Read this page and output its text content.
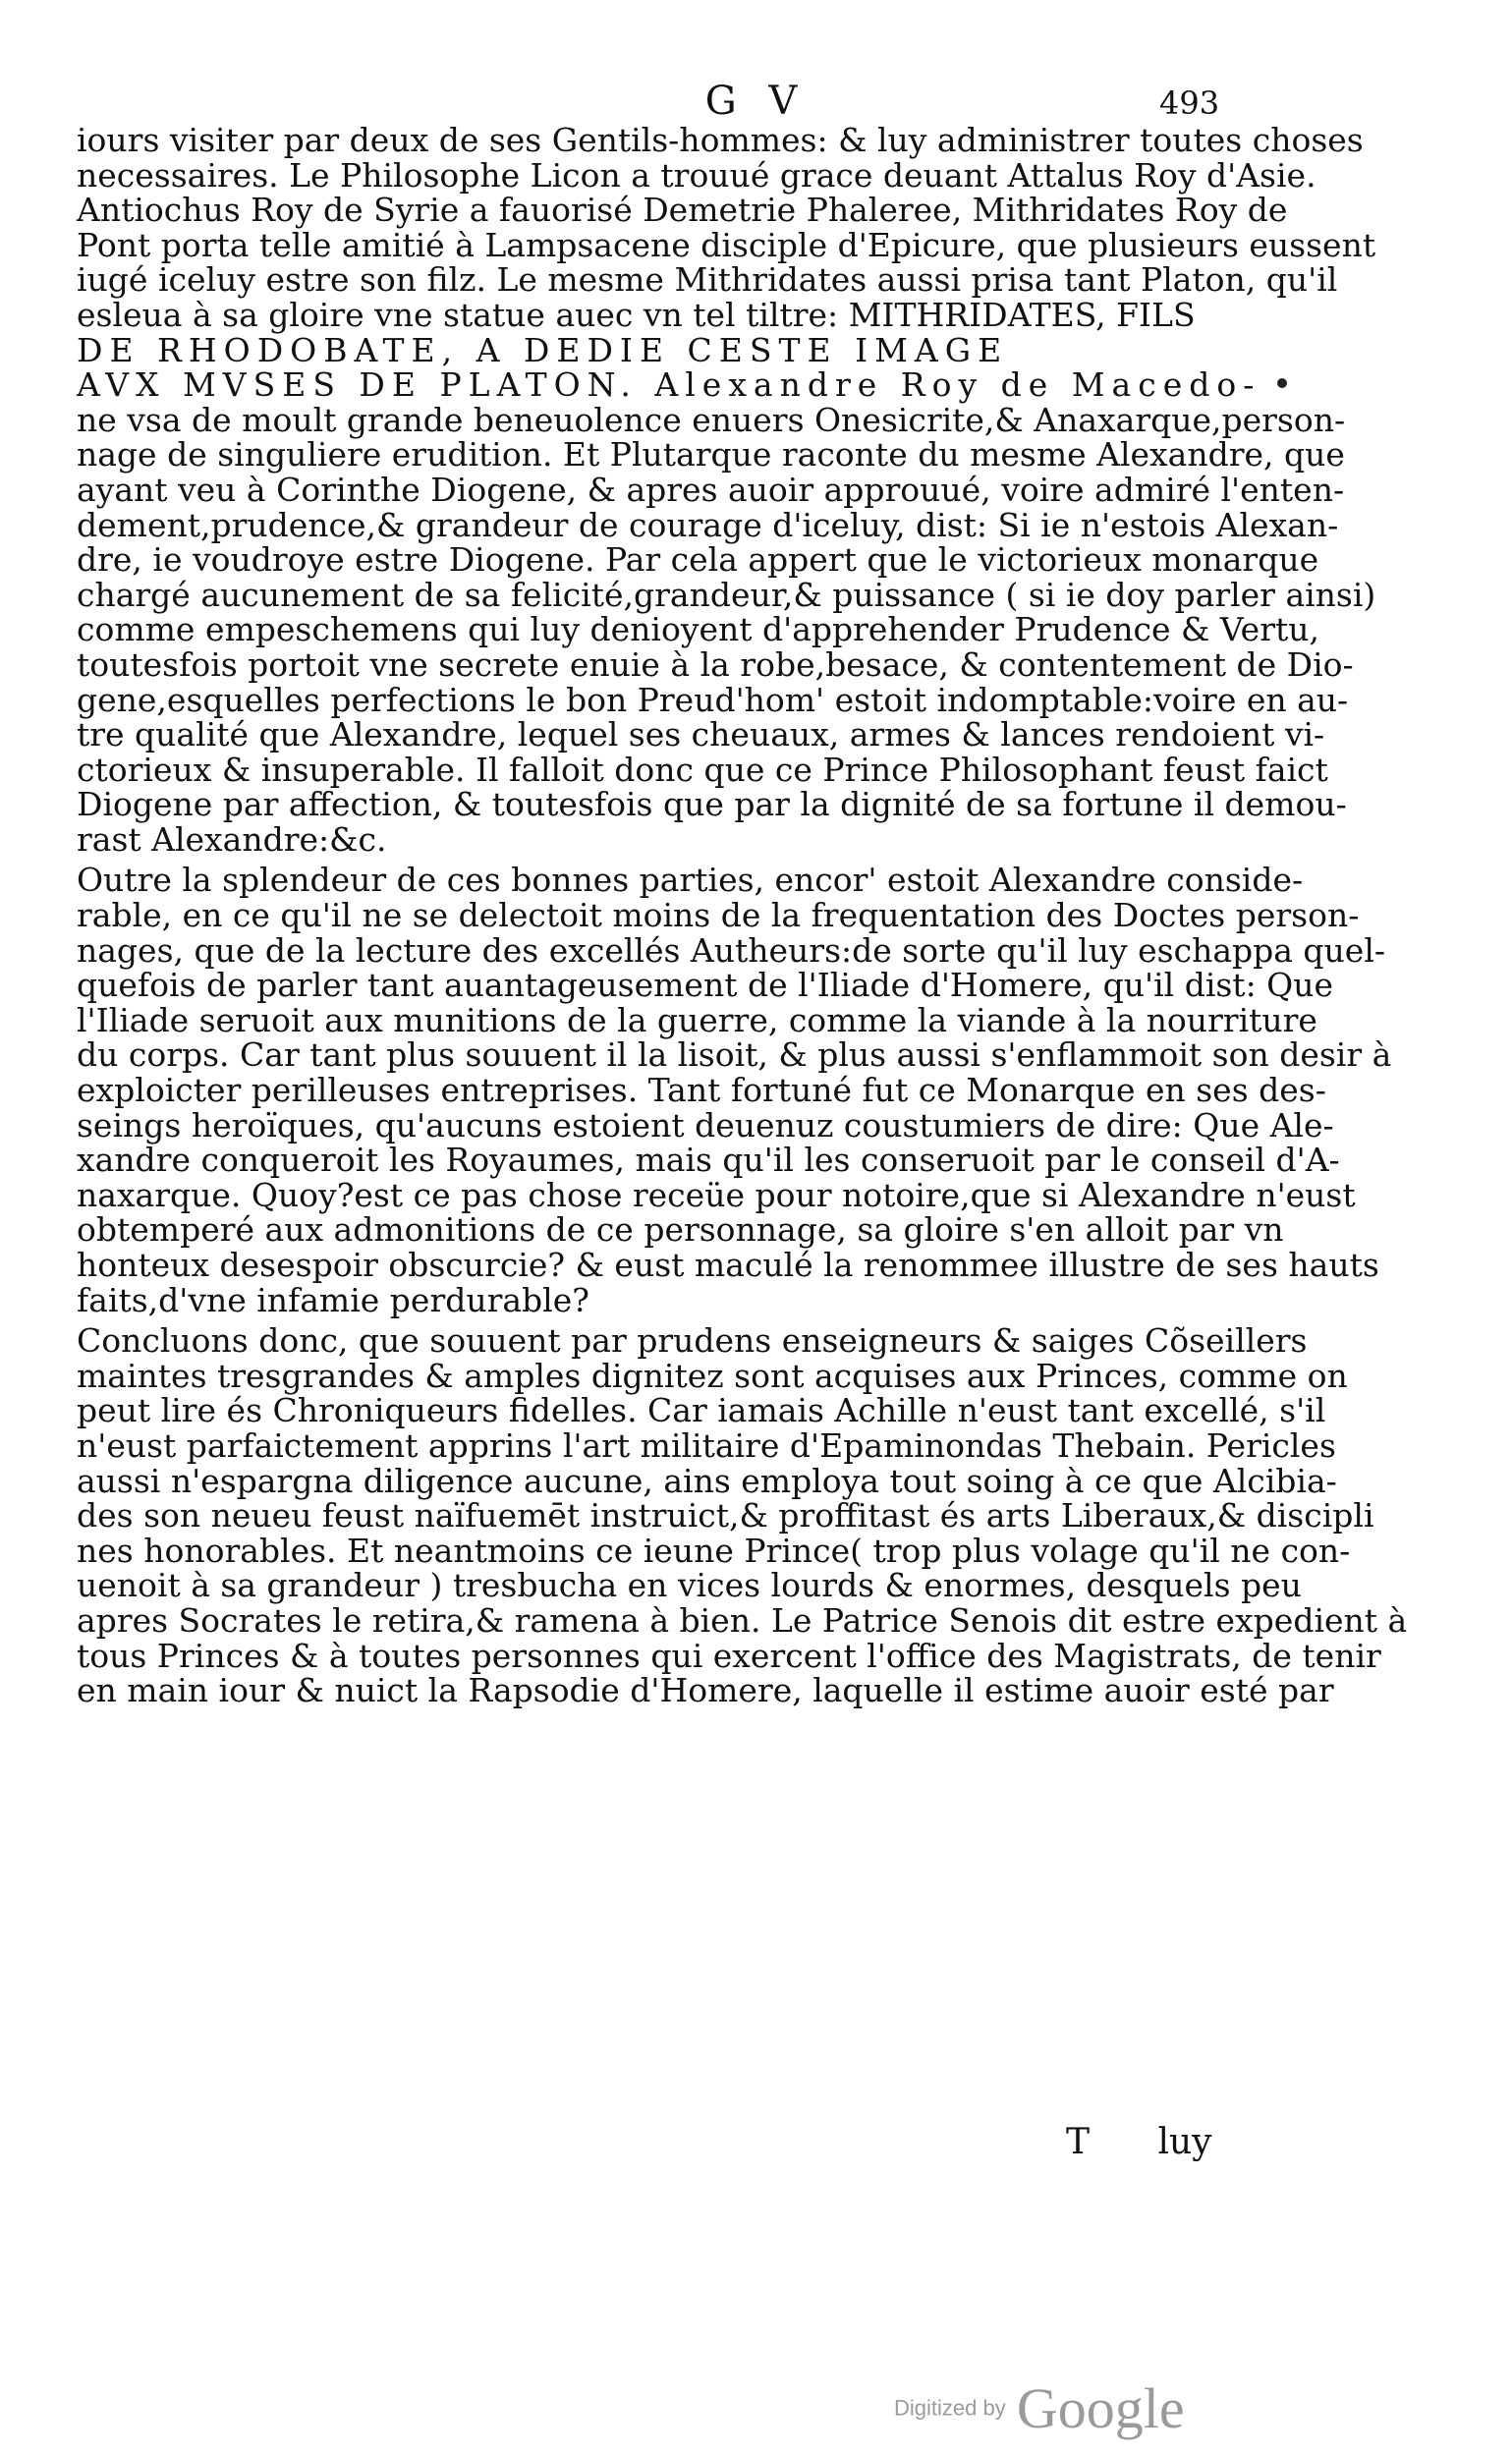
G V	493
iours visiter par deux de ses Gentils-hommes: & luy administrer toutes choses
necessaires. Le Philosophe Licon a trouué grace deuant Attalus Roy d'Asie.
Antiochus Roy de Syrie a fauorisé Demetrie Phaleree, Mithridates Roy de
Pont porta telle amitié à Lampsacene disciple d'Epicure, que plusieurs eussent
iugé iceluy estre son filz. Le mesme Mithridates aussi prisa tant Platon, qu'il
esleua à sa gloire vne statue auec vn tel tiltre: MITHRIDATES, FILS
DE RHODOBATE, A DEDIE CESTE IMAGE
AVX MVSES DE PLATON. Alexandre Roy de Macedo-
ne vsa de moult grande beneuolence enuers Onesicrite,& Anaxarque,person-
nage de singuliere erudition. Et Plutarque raconte du mesme Alexandre, que
ayant veu à Corinthe Diogene, & apres auoir approuué, voire admiré l'enten-
dement,prudence,& grandeur de courage d'iceluy, dist: Si ie n'estois Alexan-
dre, ie voudroye estre Diogene. Par cela appert que le victorieux monarque
chargé aucunement de sa felicité,grandeur,& puissance ( si ie doy parler ainsi)
comme empeschemens qui luy denioyent d'apprehender Prudence & Vertu,
toutesfois portoit vne secrete enuie à la robe,besace, & contentement de Dio-
gene,esquelles perfections le bon Preud'hom' estoit indomptable:voire en au-
tre qualité que Alexandre, lequel ses cheuaux, armes & lances rendoient vi-
ctorieux & insuperable. Il falloit donc que ce Prince Philosophant feust faict
Diogene par affection, & toutesfois que par la dignité de sa fortune il demou-
rast Alexandre:&c.
Outre la splendeur de ces bonnes parties, encor' estoit Alexandre conside-
rable, en ce qu'il ne se delectoit moins de la frequentation des Doctes person-
nages, que de la lecture des excellés Autheurs:de sorte qu'il luy eschappa quel-
quefois de parler tant auantageusement de l'Iliade d'Homere, qu'il dist: Que
l'Iliade seruoit aux munitions de la guerre, comme la viande à la nourriture
du corps. Car tant plus souuent il la lisoit, & plus aussi s'enflammoit son desir à
exploicter perilleuses entreprises. Tant fortuné fut ce Monarque en ses des-
seings heroïques, qu'aucuns estoient deuenuz coustumiers de dire: Que Ale-
xandre conqueroit les Royaumes, mais qu'il les conseruoit par le conseil d'A-
naxarque. Quoy?est ce pas chose receüe pour notoire,que si Alexandre n'eust
obtemperé aux admonitions de ce personnage, sa gloire s'en alloit par vn
honteux desespoir obscurcie? & eust maculé la renommee illustre de ses hauts
faits,d'vne infamie perdurable?
Concluons donc, que souuent par prudens enseigneurs & saiges Cõseillers
maintes tresgrandes & amples dignitez sont acquises aux Princes, comme on
peut lire és Chroniqueurs fidelles. Car iamais Achille n'eust tant excellé, s'il
n'eust parfaictement apprins l'art militaire d'Epaminondas Thebain. Pericles
aussi n'espargna diligence aucune, ains employa tout soing à ce que Alcibia-
des son neueu feust naïfuemēt instruict,& proffitast és arts Liberaux,& discipli
nes honorables. Et neantmoins ce ieune Prince( trop plus volage qu'il ne con-
uenoit à sa grandeur ) tresbucha en vices lourds & enormes, desquels peu
apres Socrates le retira,& ramena à bien. Le Patrice Senois dit estre expedient à
tous Princes & à toutes personnes qui exercent l'office des Magistrats, de tenir
en main iour & nuict la Rapsodie d'Homere, laquelle il estime auoir esté par
T luy
Digitized by Google
